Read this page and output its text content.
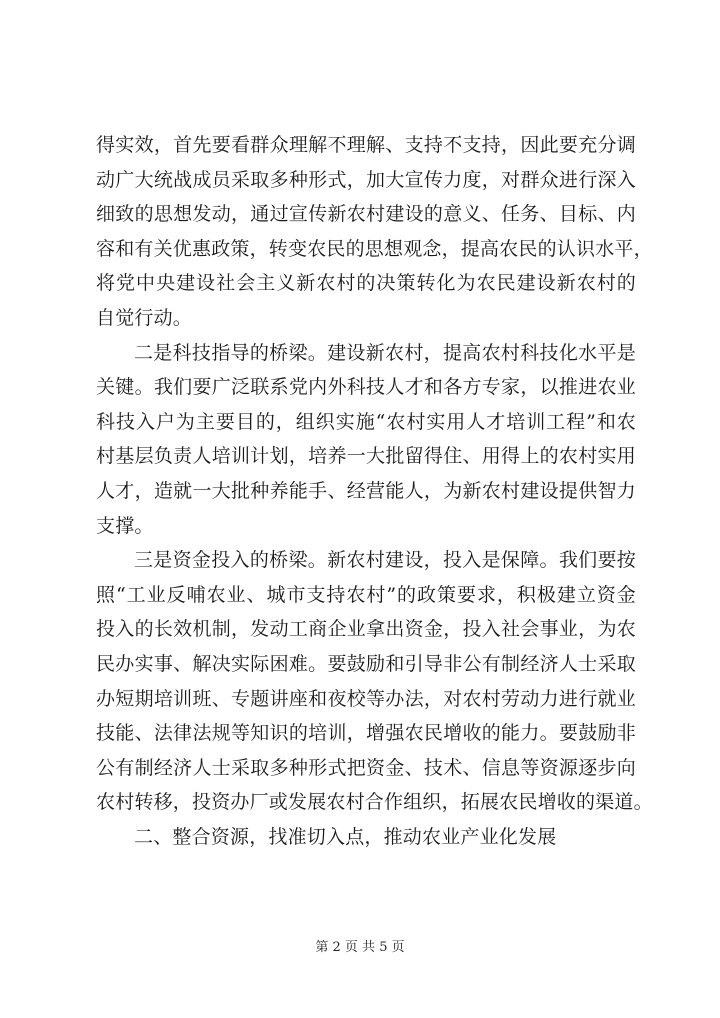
得实效，首先要看群众理解不理解、支持不支持，因此要充分调
动广大统战成员采取多种形式，加大宣传力度，对群众进行深入
细致的思想发动，通过宣传新农村建设的意义、任务、目标、内
容和有关优惠政策，转变农民的思想观念，提高农民的认识水平，
将党中央建设社会主义新农村的决策转化为农民建设新农村的
自觉行动。
二是科技指导的桥梁。建设新农村，提高农村科技化水平是
关键。我们要广泛联系党内外科技人才和各方专家，以推进农业
科技入户为主要目的，组织实施“农村实用人才培训工程”和农
村基层负责人培训计划，培养一大批留得住、用得上的农村实用
人才，造就一大批种养能手、经营能人，为新农村建设提供智力
支撑。
三是资金投入的桥梁。新农村建设，投入是保障。我们要按
照“工业反哺农业、城市支持农村”的政策要求，积极建立资金
投入的长效机制，发动工商企业拿出资金，投入社会事业，为农
民办实事、解决实际困难。要鼓励和引导非公有制经济人士采取
办短期培训班、专题讲座和夜校等办法，对农村劳动力进行就业
技能、法律法规等知识的培训，增强农民增收的能力。要鼓励非
公有制经济人士采取多种形式把资金、技术、信息等资源逐步向
农村转移，投资办厂或发展农村合作组织，拓展农民增收的渠道。
二、整合资源，找准切入点，推动农业产业化发展
第 2 页 共 5 页
